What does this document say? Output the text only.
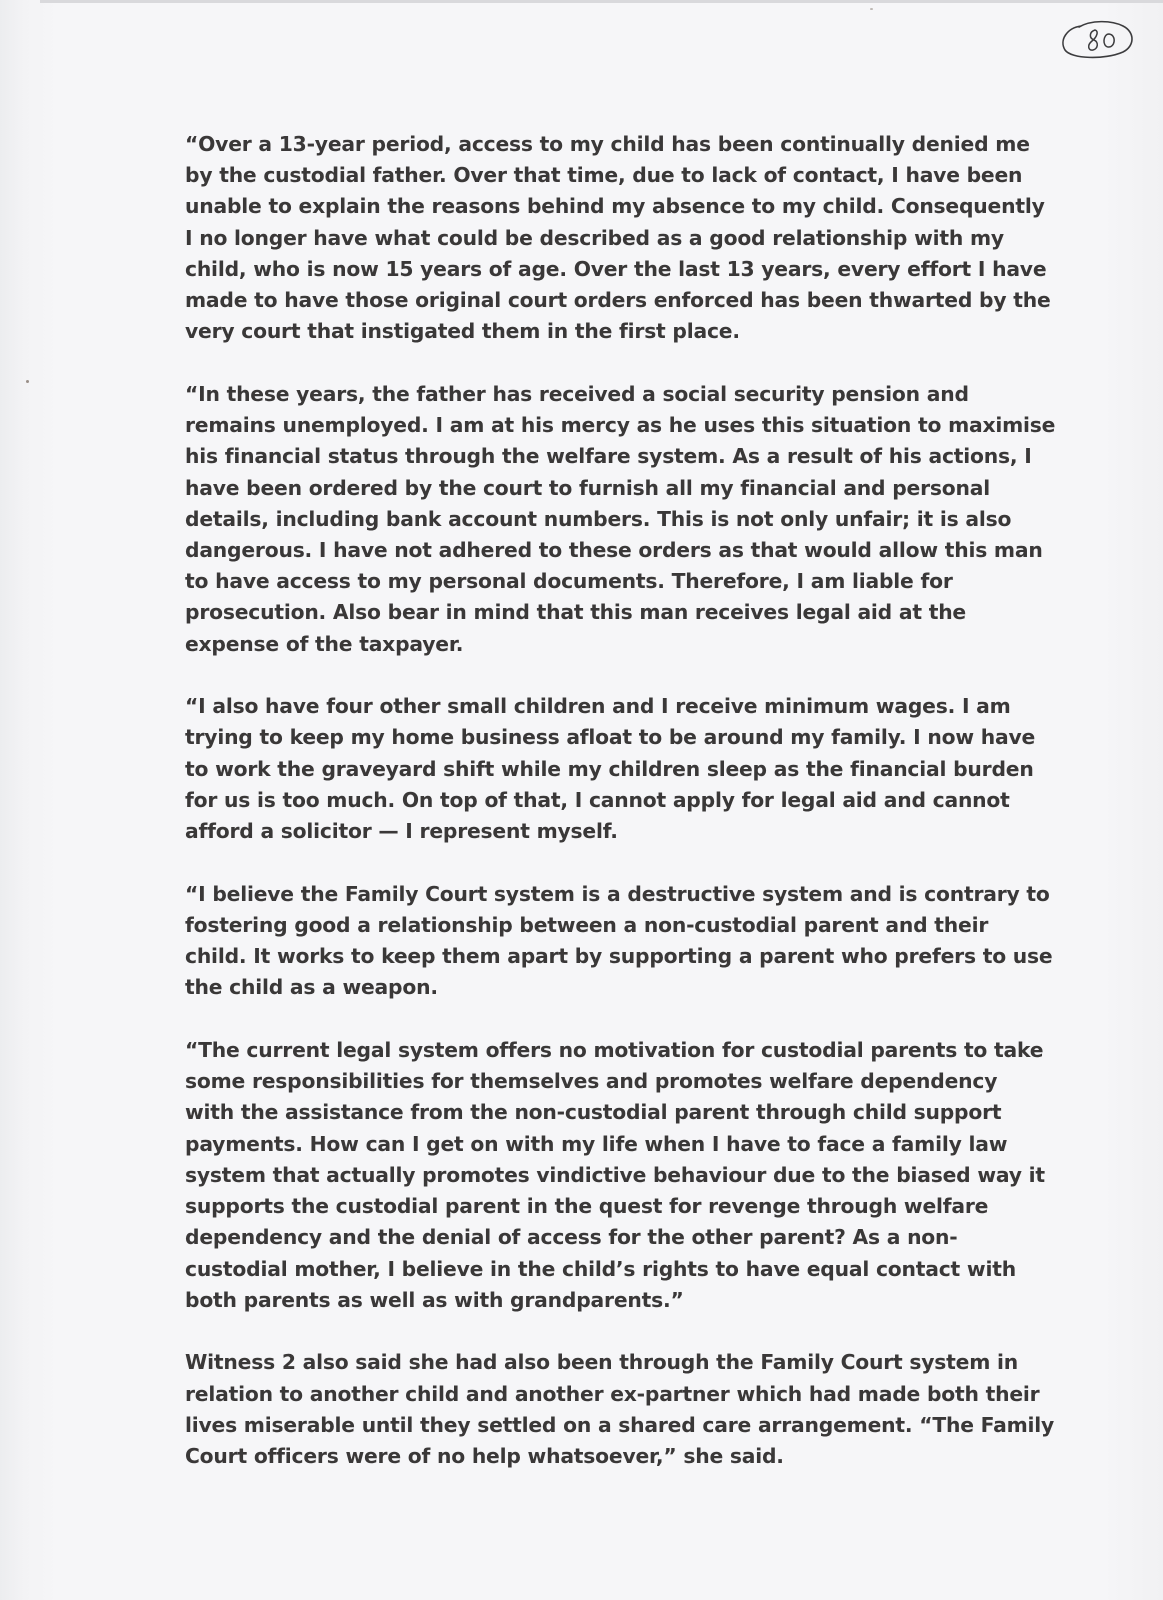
“Over a 13-year period, access to my child has been continually denied me
by the custodial father. Over that time, due to lack of contact, I have been
unable to explain the reasons behind my absence to my child. Consequently
I no longer have what could be described as a good relationship with my
child, who is now 15 years of age. Over the last 13 years, every effort I have
made to have those original court orders enforced has been thwarted by the
very court that instigated them in the first place.
“In these years, the father has received a social security pension and
remains unemployed. I am at his mercy as he uses this situation to maximise
his financial status through the welfare system. As a result of his actions, I
have been ordered by the court to furnish all my financial and personal
details, including bank account numbers. This is not only unfair; it is also
dangerous. I have not adhered to these orders as that would allow this man
to have access to my personal documents. Therefore, I am liable for
prosecution. Also bear in mind that this man receives legal aid at the
expense of the taxpayer.
“I also have four other small children and I receive minimum wages. I am
trying to keep my home business afloat to be around my family. I now have
to work the graveyard shift while my children sleep as the financial burden
for us is too much. On top of that, I cannot apply for legal aid and cannot
afford a solicitor — I represent myself.
“I believe the Family Court system is a destructive system and is contrary to
fostering good a relationship between a non-custodial parent and their
child. It works to keep them apart by supporting a parent who prefers to use
the child as a weapon.
“The current legal system offers no motivation for custodial parents to take
some responsibilities for themselves and promotes welfare dependency
with the assistance from the non-custodial parent through child support
payments. How can I get on with my life when I have to face a family law
system that actually promotes vindictive behaviour due to the biased way it
supports the custodial parent in the quest for revenge through welfare
dependency and the denial of access for the other parent? As a non-
custodial mother, I believe in the child’s rights to have equal contact with
both parents as well as with grandparents.”
Witness 2 also said she had also been through the Family Court system in
relation to another child and another ex-partner which had made both their
lives miserable until they settled on a shared care arrangement. “The Family
Court officers were of no help whatsoever,” she said.
